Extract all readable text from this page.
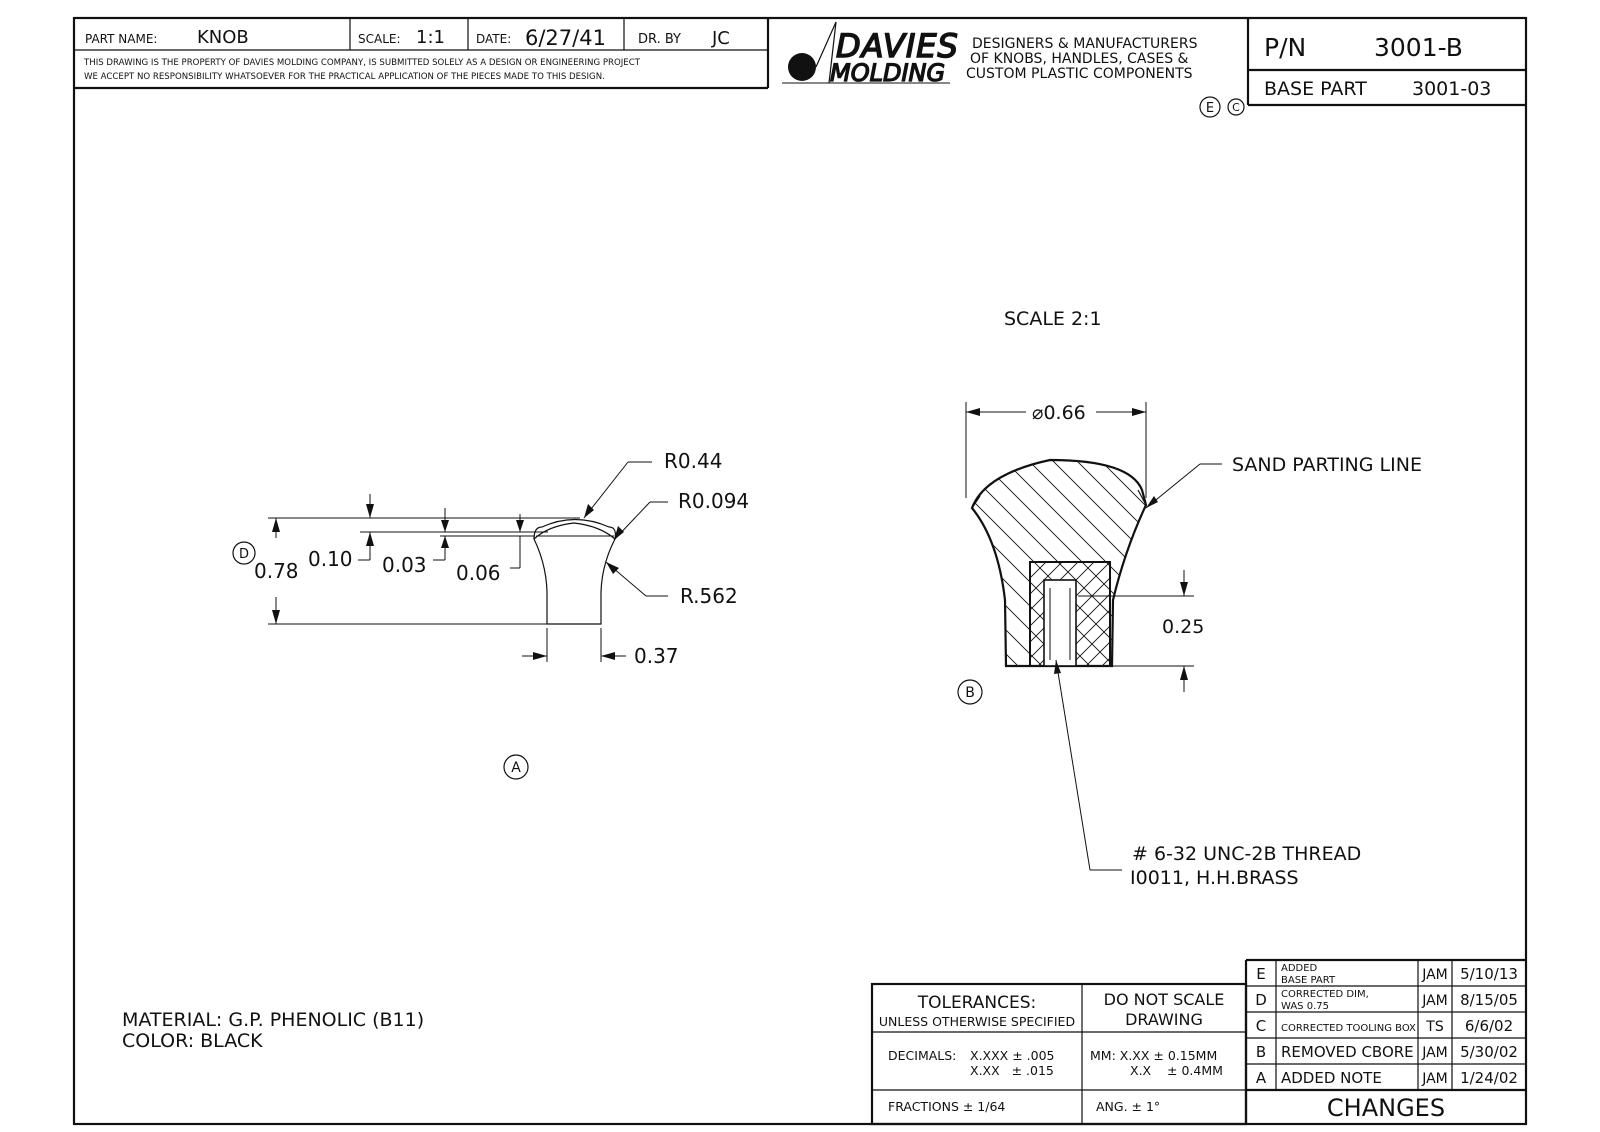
PART NAME: KNOB	SCALE: 1:1	DATE: 6/27/41 DR. BY JC
THIS DRAWING IS THE PROPERTY OF DAVIES MOLDING COMPANY, IS SUBMITTED SOLELY AS A DESIGN OR ENGINEERING PROJECT
WE ACCEPT NO RESPONSIBILITY WHATSOEVER FOR THE PRACTICAL APPLICATION OF THE PIECES MADE TO THIS DESIGN.
DAVIES
MOLDING
DESIGNERS & MANUFACTURERS
OF KNOBS, HANDLES, CASES &
CUSTOM PLASTIC COMPONENTS
P/N	3001-B
BASE PART 3001-03
E C
D
0.78 0.10 0.03 0.06
R0.44
R0.094
R.562
0.37
A
SCALE 2:1
⌀0.66
SAND PARTING LINE
0.25
# 6-32 UNC-2B THREAD
I0011, H.H.BRASS
B
MATERIAL: G.P. PHENOLIC (B11)
COLOR: BLACK
TOLERANCES:
UNLESS OTHERWISE SPECIFIED
DO NOT SCALE
DRAWING
DECIMALS: X.XXX ± .005
X.XX   ± .015
MM: X.XX ± 0.15MM
X.X    ± 0.4MM
FRACTIONS ± 1/64	ANG. ± 1°
E ADDED
BASE PART	JAM 5/10/13
D CORRECTED DIM,
WAS 0.75	JAM 8/15/05
C CORRECTED TOOLING BOX TS 6/6/02
B REMOVED CBORE JAM 5/30/02
A ADDED NOTE	JAM 1/24/02
CHANGES
